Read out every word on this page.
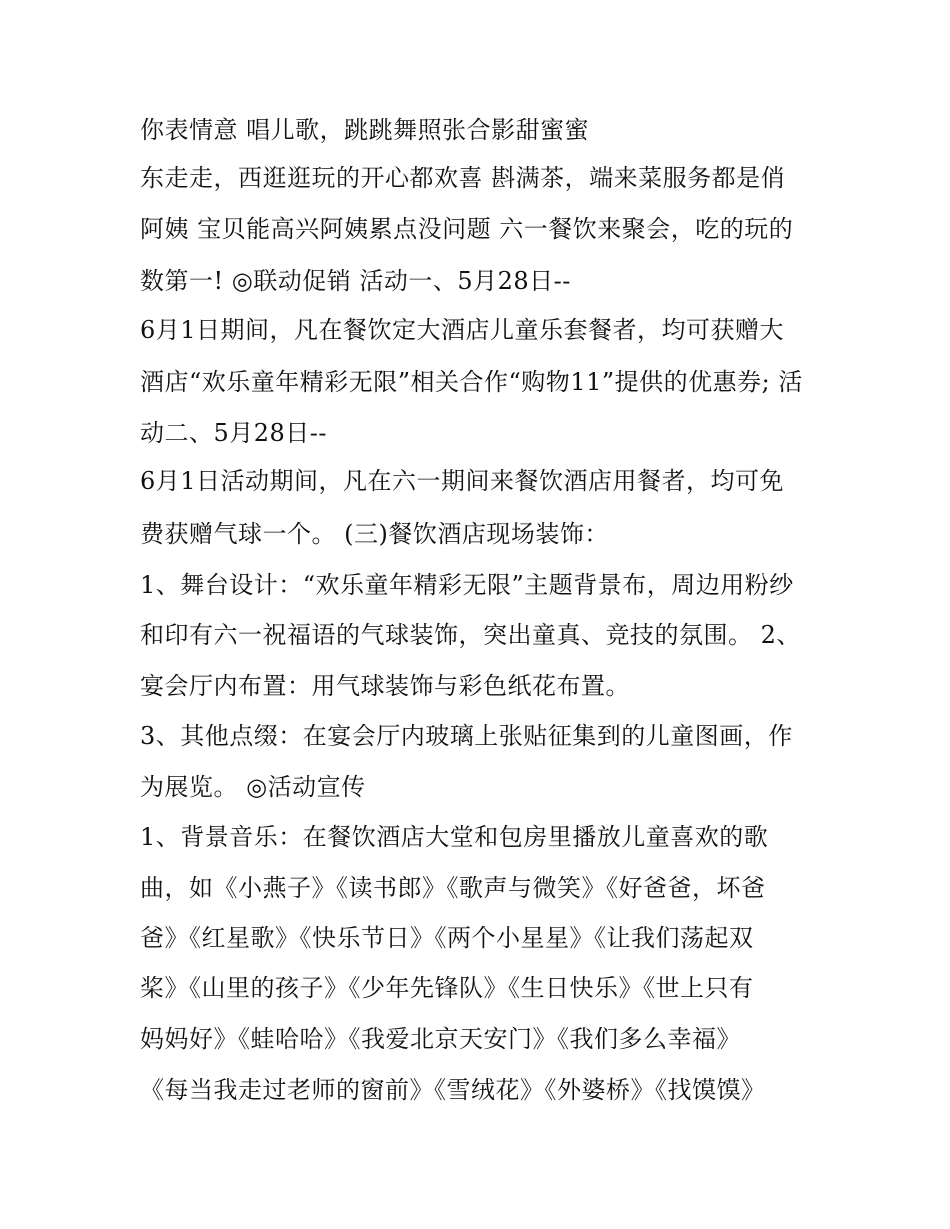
你表情意 唱儿歌，跳跳舞照张合影甜蜜蜜
东走走，西逛逛玩的开心都欢喜 斟满茶，端来菜服务都是俏
阿姨 宝贝能高兴阿姨累点没问题 六一餐饮来聚会，吃的玩的
数第一! ◎联动促销 活动一、5月28日--
6月1日期间，凡在餐饮定大酒店儿童乐套餐者，均可获赠大
酒店“欢乐童年精彩无限”相关合作“购物11”提供的优惠券; 活
动二、5月28日--
6月1日活动期间，凡在六一期间来餐饮酒店用餐者，均可免
费获赠气球一个。 (三)餐饮酒店现场装饰：
1、舞台设计：“欢乐童年精彩无限”主题背景布，周边用粉纱
和印有六一祝福语的气球装饰，突出童真、竞技的氛围。 2、
宴会厅内布置：用气球装饰与彩色纸花布置。
3、其他点缀：在宴会厅内玻璃上张贴征集到的儿童图画，作
为展览。 ◎活动宣传
1、背景音乐：在餐饮酒店大堂和包房里播放儿童喜欢的歌
曲，如《小燕子》《读书郎》《歌声与微笑》《好爸爸，坏爸
爸》《红星歌》《快乐节日》《两个小星星》《让我们荡起双
桨》《山里的孩子》《少年先锋队》《生日快乐》《世上只有
妈妈好》《蛙哈哈》《我爱北京天安门》《我们多么幸福》
《每当我走过老师的窗前》《雪绒花》《外婆桥》《找馍馍》
